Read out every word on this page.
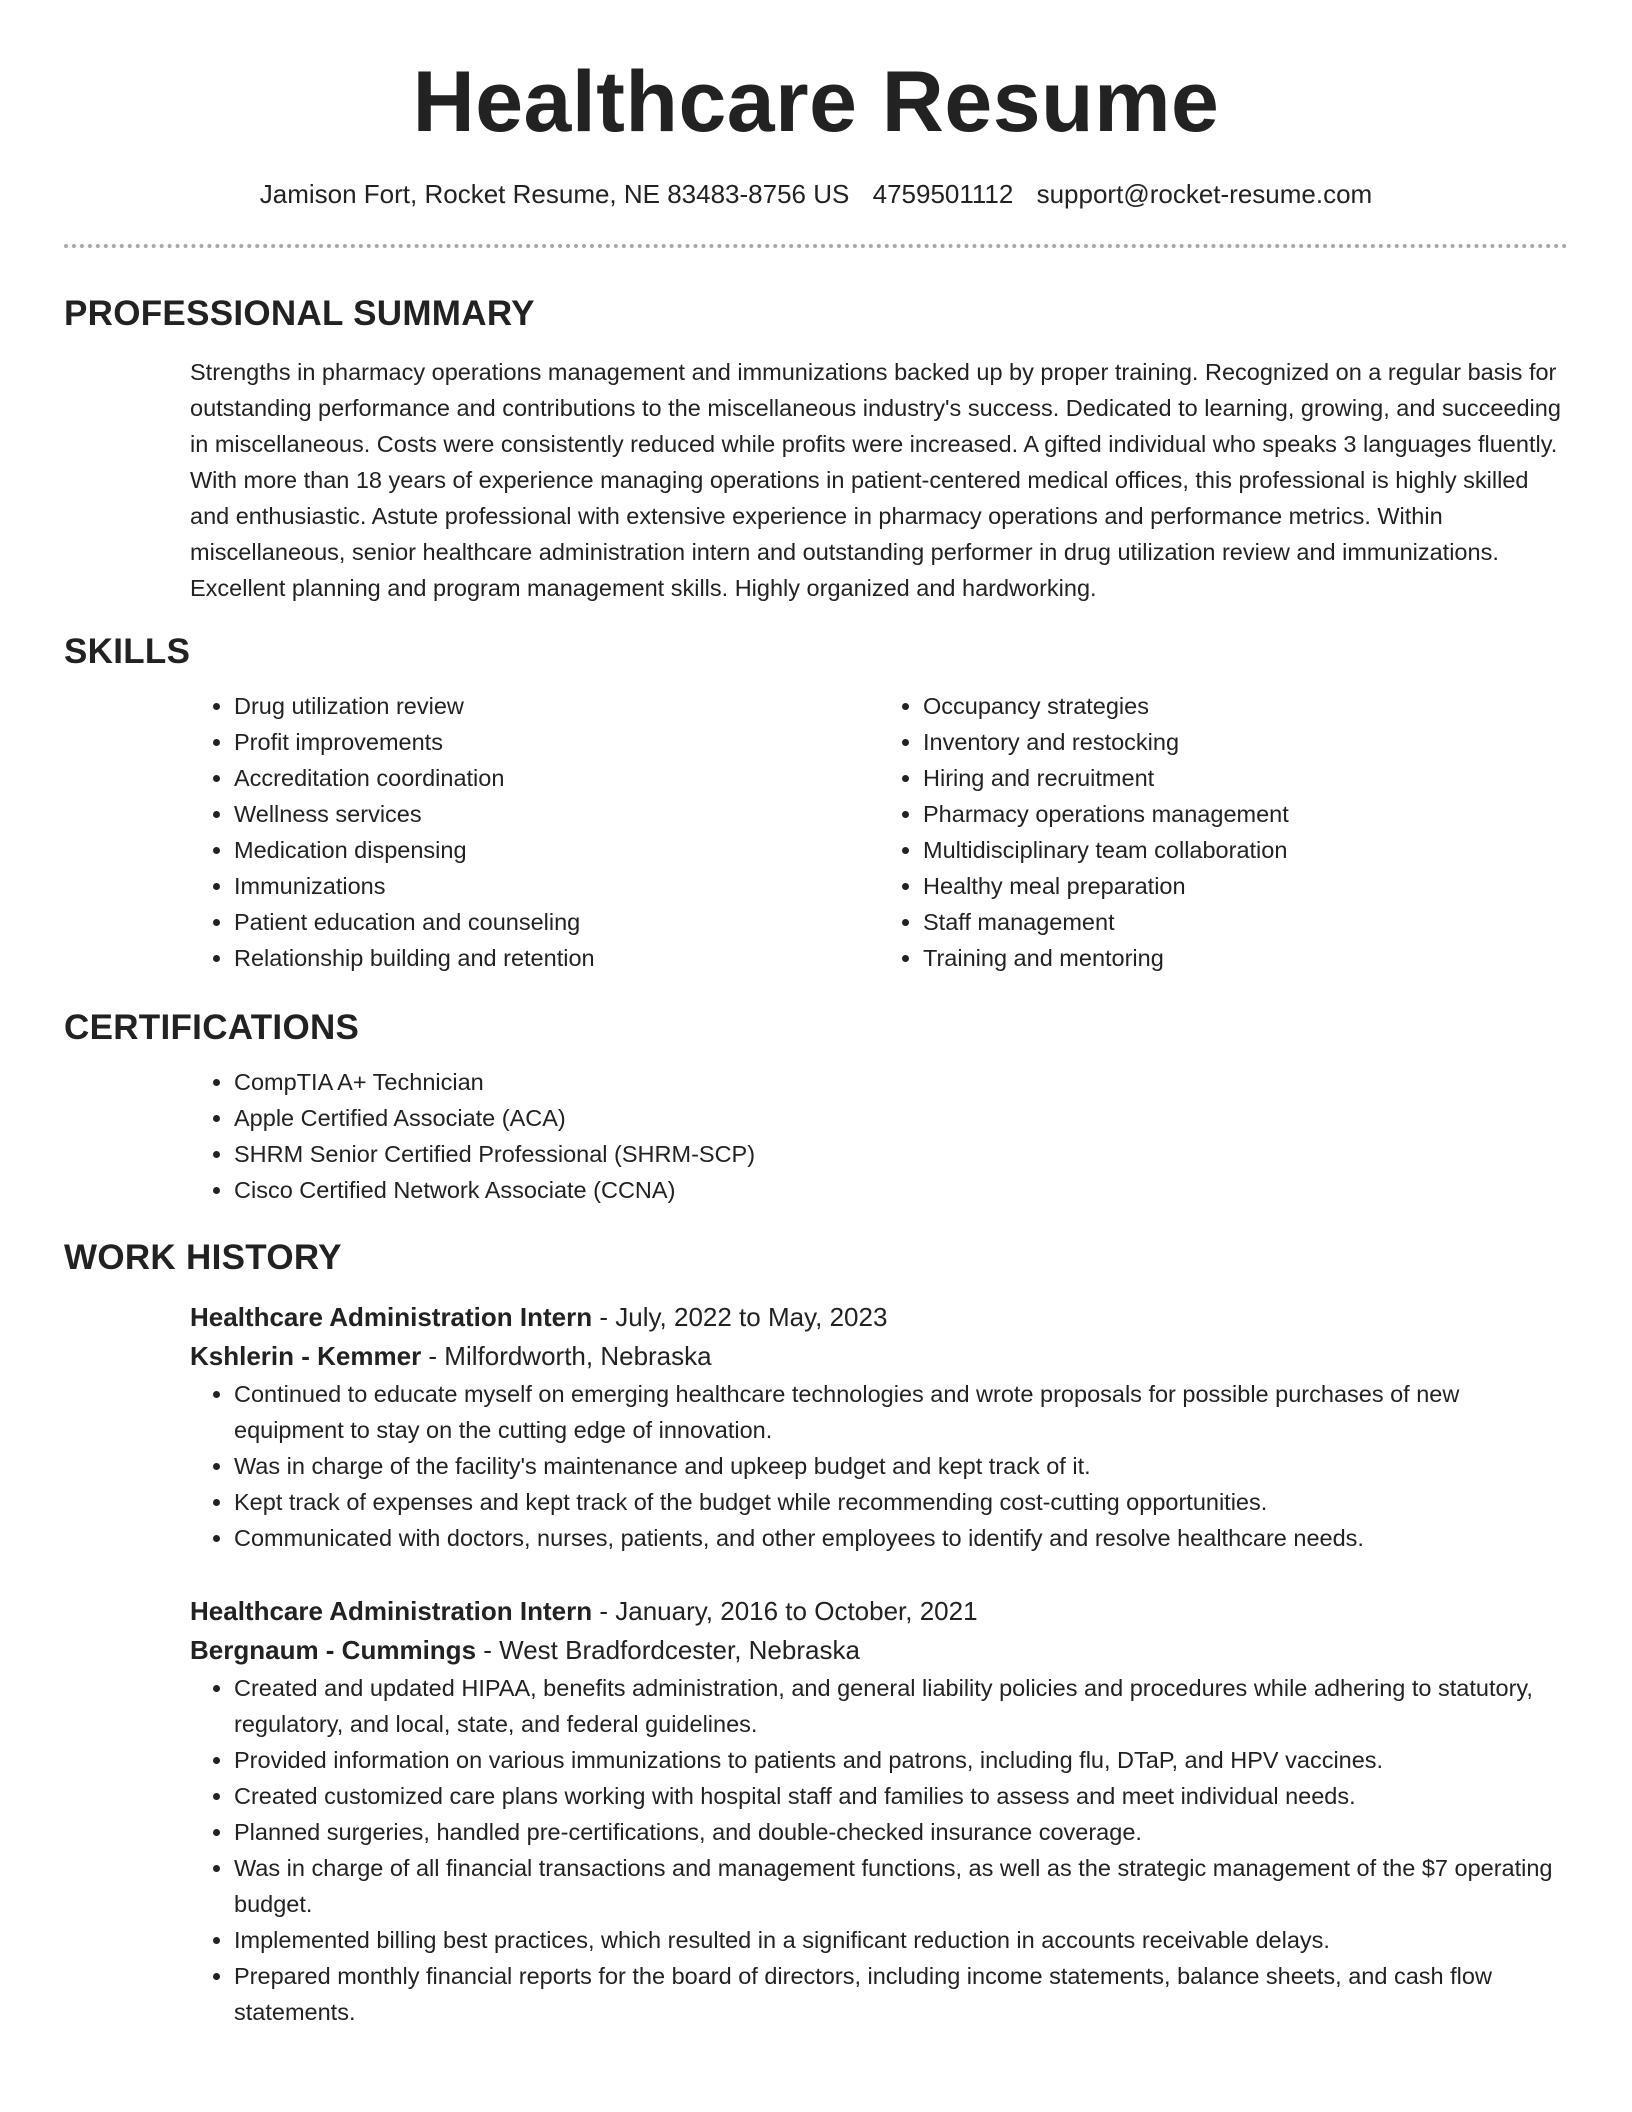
Healthcare Resume
Jamison Fort, Rocket Resume, NE 83483-8756 US 4759501112 support@rocket-resume.com
PROFESSIONAL SUMMARY
Strengths in pharmacy operations management and immunizations backed up by proper training. Recognized on a regular basis for outstanding performance and contributions to the miscellaneous industry's success. Dedicated to learning, growing, and succeeding in miscellaneous. Costs were consistently reduced while profits were increased. A gifted individual who speaks 3 languages fluently. With more than 18 years of experience managing operations in patient-centered medical offices, this professional is highly skilled and enthusiastic. Astute professional with extensive experience in pharmacy operations and performance metrics. Within miscellaneous, senior healthcare administration intern and outstanding performer in drug utilization review and immunizations. Excellent planning and program management skills. Highly organized and hardworking.
SKILLS
• Drug utilization review
• Profit improvements
• Accreditation coordination
• Wellness services
• Medication dispensing
• Immunizations
• Patient education and counseling
• Relationship building and retention
• Occupancy strategies
• Inventory and restocking
• Hiring and recruitment
• Pharmacy operations management
• Multidisciplinary team collaboration
• Healthy meal preparation
• Staff management
• Training and mentoring
CERTIFICATIONS
• CompTIA A+ Technician
• Apple Certified Associate (ACA)
• SHRM Senior Certified Professional (SHRM-SCP)
• Cisco Certified Network Associate (CCNA)
WORK HISTORY
Healthcare Administration Intern - July, 2022 to May, 2023
Kshlerin - Kemmer - Milfordworth, Nebraska
• Continued to educate myself on emerging healthcare technologies and wrote proposals for possible purchases of new equipment to stay on the cutting edge of innovation.
• Was in charge of the facility's maintenance and upkeep budget and kept track of it.
• Kept track of expenses and kept track of the budget while recommending cost-cutting opportunities.
• Communicated with doctors, nurses, patients, and other employees to identify and resolve healthcare needs.
Healthcare Administration Intern - January, 2016 to October, 2021
Bergnaum - Cummings - West Bradfordcester, Nebraska
• Created and updated HIPAA, benefits administration, and general liability policies and procedures while adhering to statutory, regulatory, and local, state, and federal guidelines.
• Provided information on various immunizations to patients and patrons, including flu, DTaP, and HPV vaccines.
• Created customized care plans working with hospital staff and families to assess and meet individual needs.
• Planned surgeries, handled pre-certifications, and double-checked insurance coverage.
• Was in charge of all financial transactions and management functions, as well as the strategic management of the $7 operating budget.
• Implemented billing best practices, which resulted in a significant reduction in accounts receivable delays.
• Prepared monthly financial reports for the board of directors, including income statements, balance sheets, and cash flow statements.
